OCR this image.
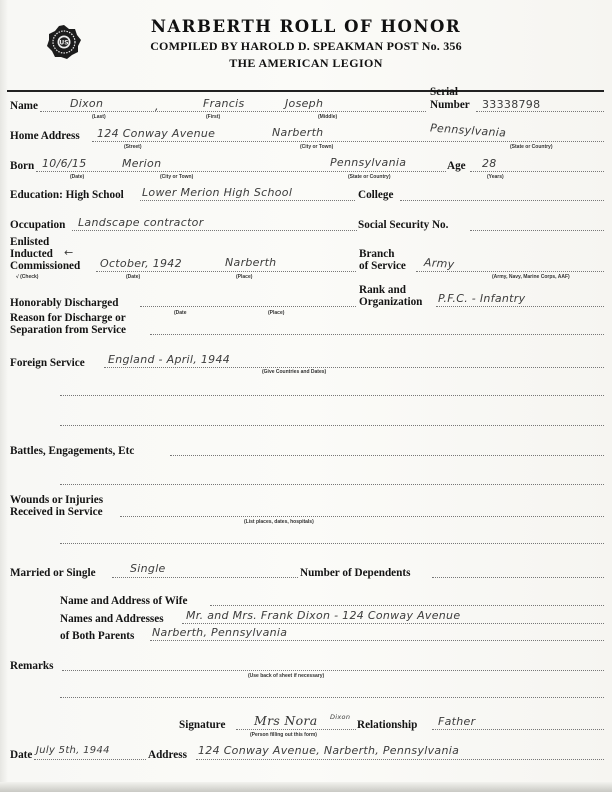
US
NARBERTH ROLL OF HONOR
COMPILED BY HAROLD D. SPEAKMAN POST No. 356
THE AMERICAN LEGION
Name	Dixon	,	Francis	Joseph
(Last)	(First)	(Middle)
Serial
Number 33338798
Home Address 124 Conway Avenue	Narberth	Pennsylvania
(Street)	(City or Town)	(State or Country)
Born 10/6/15	Merion	Pennsylvania
(Date)	(City or Town)	(State or Country)
Age 28
(Years)
Education: High School Lower Merion High School	College
Occupation Landscape contractor	Social Security No.
Enlisted
Inducted ←
Commissioned October, 1942	Narberth
√ (Check)	(Date)	(Place)
Branch
of Service Army
(Army, Navy, Marine Corps, AAF)
Honorably Discharged
(Date	(Place)
Rank and
Organization P.F.C. - Infantry
Reason for Discharge or
Separation from Service
Foreign Service England - April, 1944
(Give Countries and Dates)
Battles, Engagements, Etc
Wounds or Injuries
Received in Service
(List places, dates, hospitals)
Married or Single	Single	Number of Dependents
Name and Address of Wife
Names and Addresses Mr. and Mrs. Frank Dixon - 124 Conway Avenue
of Both Parents Narberth, Pennsylvania
Remarks
(Use back of sheet if necessary)
Signature Mrs Nora Dixon
(Person filling out this form)
Relationship Father
Date July 5th, 1944	Address 124 Conway Avenue, Narberth, Pennsylvania
